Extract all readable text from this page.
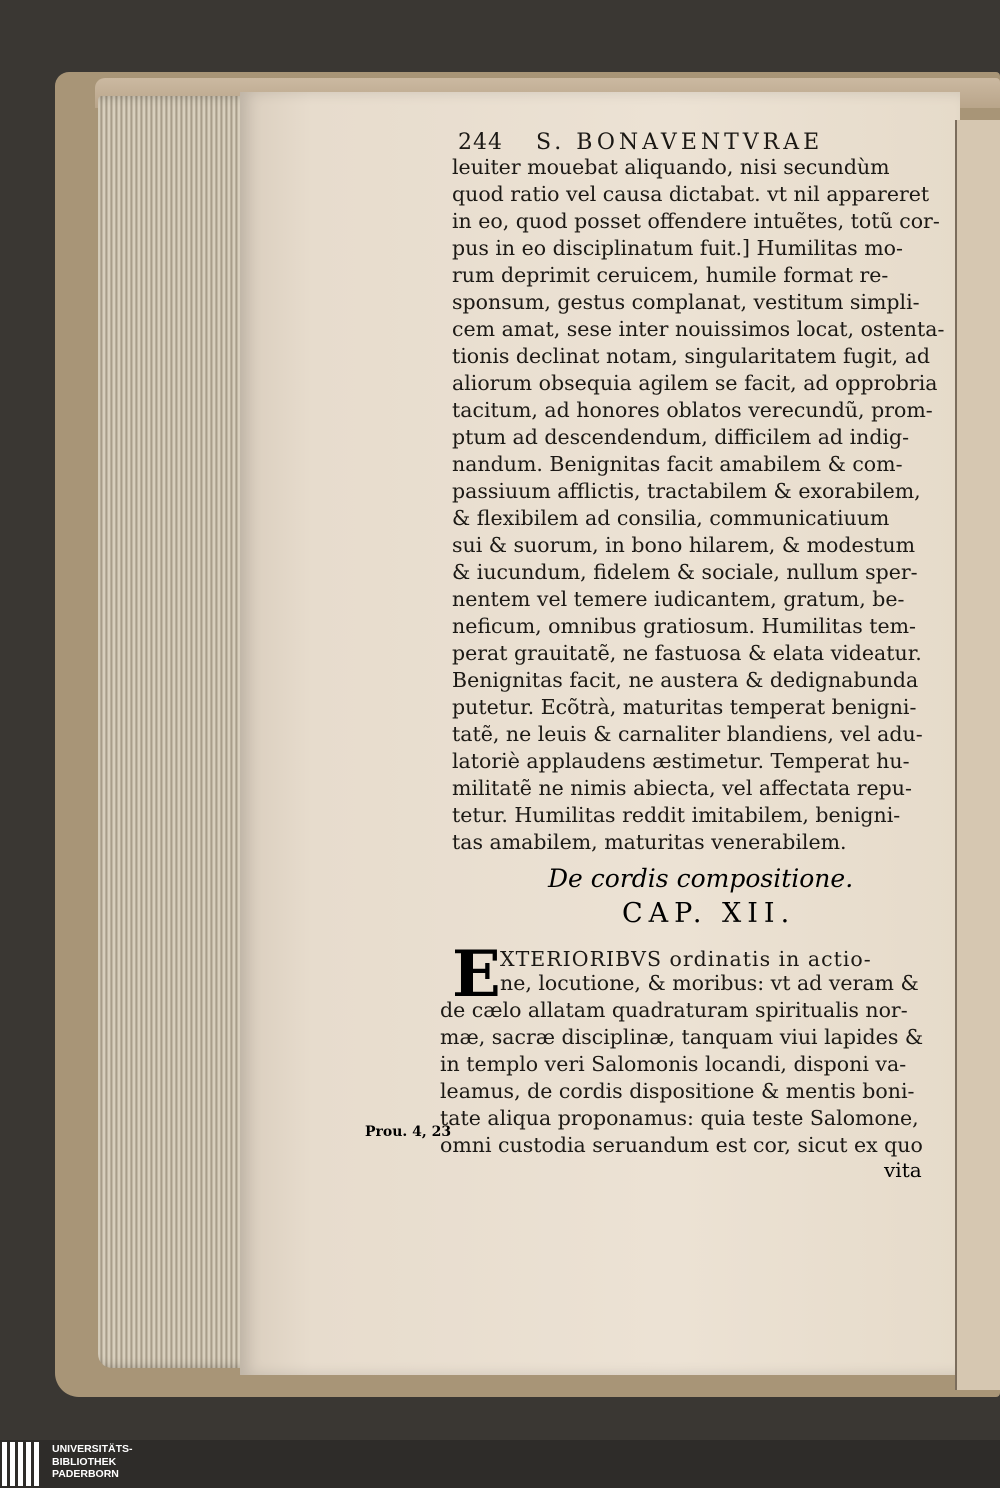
244 S. BONAVENTVRAE
leuiter mouebat aliquando, nisi secundùm
quod ratio vel causa dictabat. vt nil appareret
in eo, quod posset offendere intuẽtes, totũ cor-
pus in eo disciplinatum fuit.] Humilitas mo-
rum deprimit ceruicem, humile format re-
sponsum, gestus complanat, vestitum simpli-
cem amat, sese inter nouissimos locat, ostenta-
tionis declinat notam, singularitatem fugit, ad
aliorum obsequia agilem se facit, ad opprobria
tacitum, ad honores oblatos verecundũ, prom-
ptum ad descendendum, difficilem ad indig-
nandum. Benignitas facit amabilem & com-
passiuum afflictis, tractabilem & exorabilem,
& flexibilem ad consilia, communicatiuum
sui & suorum, in bono hilarem, & modestum
& iucundum, fidelem & sociale, nullum sper-
nentem vel temere iudicantem, gratum, be-
neficum, omnibus gratiosum. Humilitas tem-
perat grauitatẽ, ne fastuosa & elata videatur.
Benignitas facit, ne austera & dedignabunda
putetur. Ecõtrà, maturitas temperat benigni-
tatẽ, ne leuis & carnaliter blandiens, vel adu-
latoriè applaudens æstimetur. Temperat hu-
militatẽ ne nimis abiecta, vel affectata repu-
tetur. Humilitas reddit imitabilem, benigni-
tas amabilem, maturitas venerabilem.
De cordis compositione.
CAP. XII.
E XTERIORIBVS ordinatis in actio-
ne, locutione, & moribus: vt ad veram &
de cælo allatam quadraturam spiritualis nor-
mæ, sacræ disciplinæ, tanquam viui lapides &
in templo veri Salomonis locandi, disponi va-
leamus, de cordis dispositione & mentis boni-
tate aliqua proponamus: quia teste Salomone,
omni custodia seruandum est cor, sicut ex quo
Prou. 4, 23
vita
UNIVERSITÄTS-
BIBLIOTHEK
PADERBORN
